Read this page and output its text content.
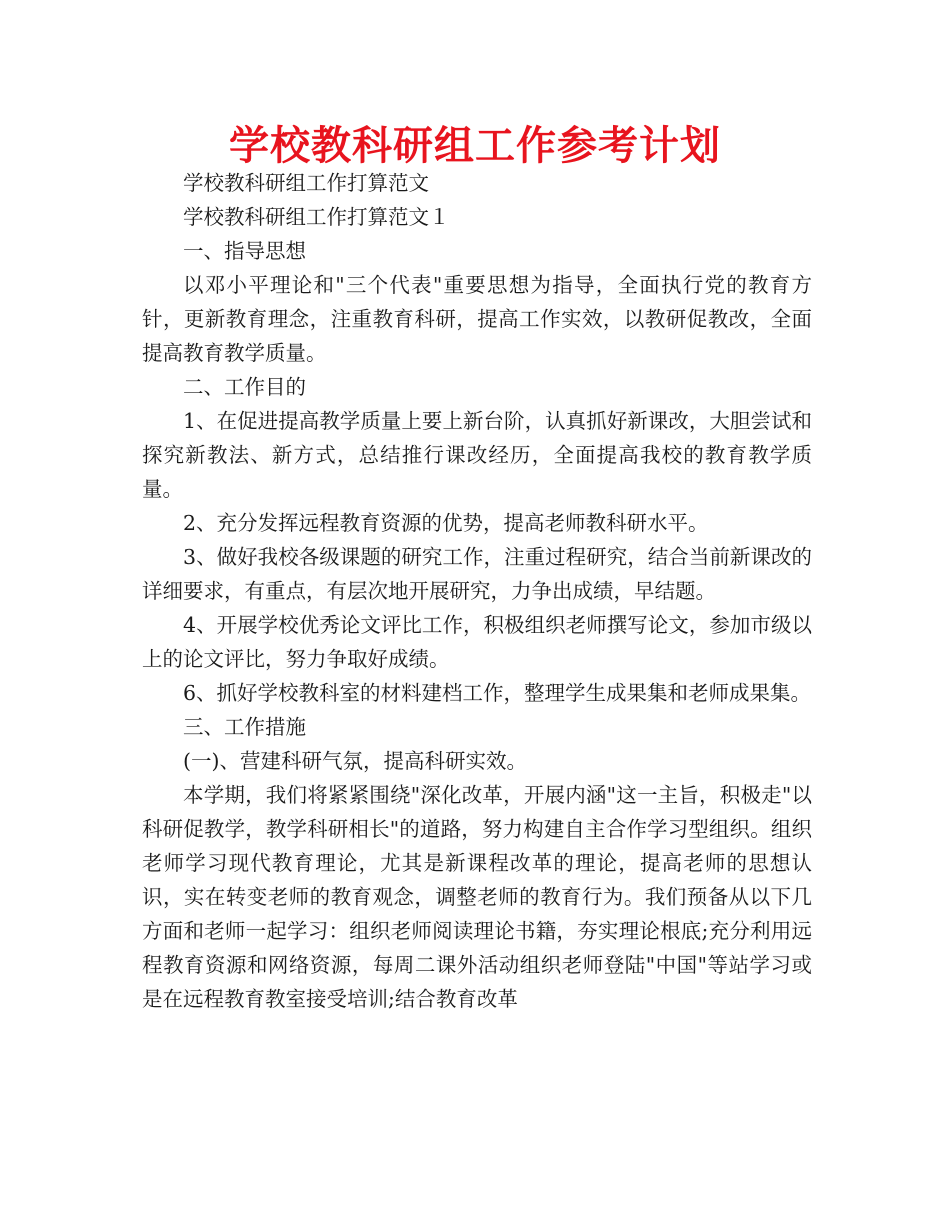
学校教科研组工作参考计划

学校教科研组工作打算范文

学校教科研组工作打算范文１

一、指导思想

以邓小平理论和"三个代表"重要思想为指导，全面执行党的教育方针，更新教育理念，注重教育科研，提高工作实效，以教研促教改，全面提高教育教学质量。

二、工作目的

1、在促进提高教学质量上要上新台阶，认真抓好新课改，大胆尝试和探究新教法、新方式，总结推行课改经历，全面提高我校的教育教学质量。

2、充分发挥远程教育资源的优势，提高老师教科研水平。

3、做好我校各级课题的研究工作，注重过程研究，结合当前新课改的详细要求，有重点，有层次地开展研究，力争出成绩，早结题。

4、开展学校优秀论文评比工作，积极组织老师撰写论文，参加市级以上的论文评比，努力争取好成绩。

6、抓好学校教科室的材料建档工作，整理学生成果集和老师成果集。

三、工作措施

(一)、营建科研气氛，提高科研实效。

本学期，我们将紧紧围绕"深化改革，开展内涵"这一主旨，积极走"以科研促教学，教学科研相长"的道路，努力构建自主合作学习型组织。组织老师学习现代教育理论，尤其是新课程改革的理论，提高老师的思想认识，实在转变老师的教育观念，调整老师的教育行为。我们预备从以下几方面和老师一起学习：组织老师阅读理论书籍，夯实理论根底;充分利用远程教育资源和网络资源，每周二课外活动组织老师登陆"中国"等站学习或是在远程教育教室接受培训;结合教育改革
